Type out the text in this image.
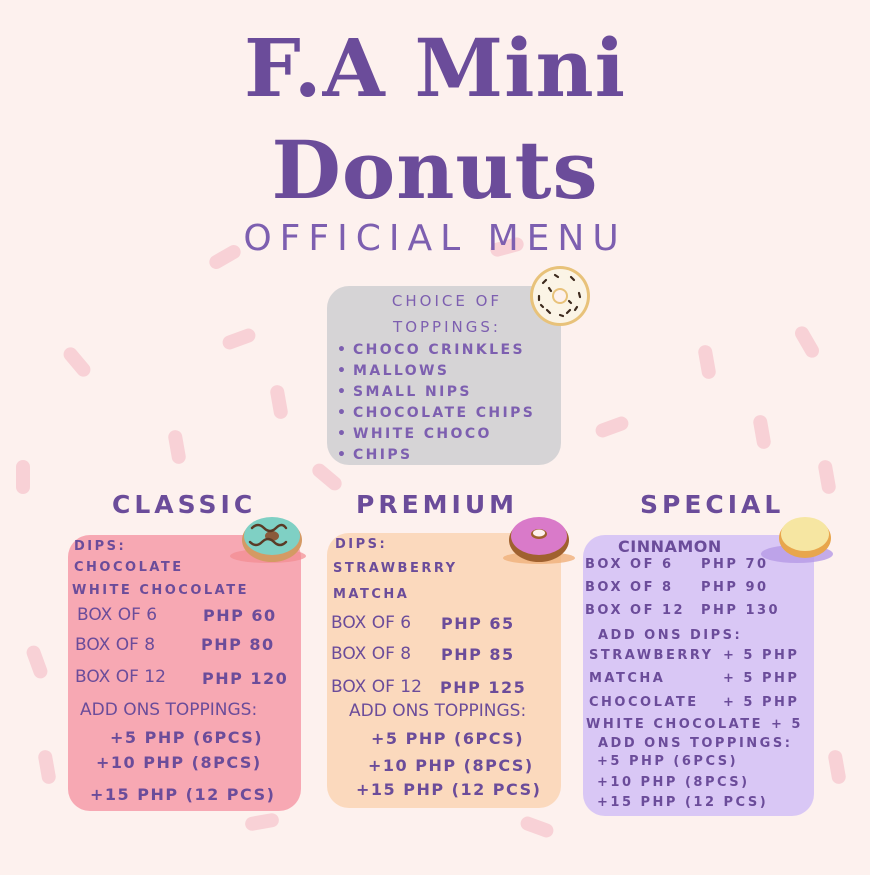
F.A Mini
Donuts
OFFICIAL MENU
CHOICE OF
TOPPINGS:
• CHOCO CRINKLES
• MALLOWS
• SMALL NIPS
• CHOCOLATE CHIPS
• WHITE CHOCO
• CHIPS
CLASSIC	PREMIUM	SPECIAL
DIPS:
CHOCOLATE
WHITE CHOCOLATE
BOX OF 6	PHP 60
BOX OF 8	PHP 80
BOX OF 12 PHP 120
ADD ONS TOPPINGS:
+5 PHP (6PCS)
+10 PHP (8PCS)
+15 PHP (12 PCS)
DIPS:
STRAWBERRY
MATCHA
BOX OF 6 PHP 65
BOX OF 8 PHP 85
BOX OF 12 PHP 125
ADD ONS TOPPINGS:
+5 PHP (6PCS)
+10 PHP (8PCS)
+15 PHP (12 PCS)
CINNAMON
BOX OF 6 PHP 70
BOX OF 8 PHP 90
BOX OF 12 PHP 130
ADD ONS DIPS:
STRAWBERRY + 5 PHP
MATCHA	+ 5 PHP
CHOCOLATE + 5 PHP
WHITE CHOCOLATE + 5
ADD ONS TOPPINGS:
+5 PHP (6PCS)
+10 PHP (8PCS)
+15 PHP (12 PCS)
